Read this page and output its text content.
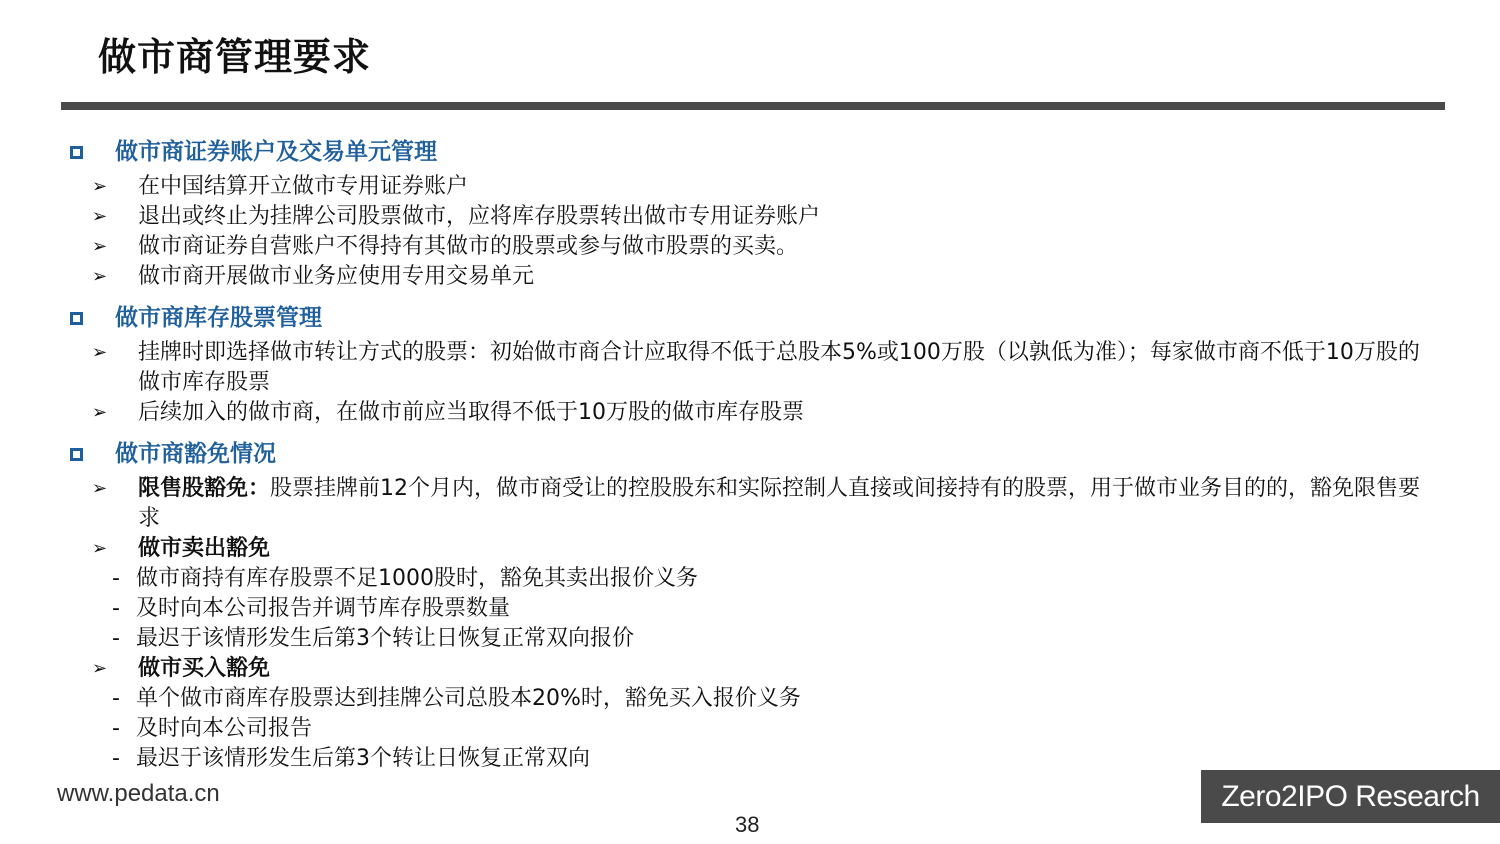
做市商管理要求
做市商证券账户及交易单元管理
➢	在中国结算开立做市专用证券账户
➢	退出或终止为挂牌公司股票做市，应将库存股票转出做市专用证券账户
➢	做市商证券自营账户不得持有其做市的股票或参与做市股票的买卖。
➢	做市商开展做市业务应使用专用交易单元
做市商库存股票管理
➢	挂牌时即选择做市转让方式的股票：初始做市商合计应取得不低于总股本5%或100万股（以孰低为准）；每家做市商不低于10万股的做市库存股票
➢	后续加入的做市商，在做市前应当取得不低于10万股的做市库存股票
做市商豁免情况
➢	限售股豁免：股票挂牌前12个月内，做市商受让的控股股东和实际控制人直接或间接持有的股票，用于做市业务目的的，豁免限售要求
➢	做市卖出豁免
- 做市商持有库存股票不足1000股时，豁免其卖出报价义务
- 及时向本公司报告并调节库存股票数量
- 最迟于该情形发生后第3个转让日恢复正常双向报价
➢	做市买入豁免
- 单个做市商库存股票达到挂牌公司总股本20%时，豁免买入报价义务
- 及时向本公司报告
- 最迟于该情形发生后第3个转让日恢复正常双向
www.pedata.cn
38
Zero2IPO Research
